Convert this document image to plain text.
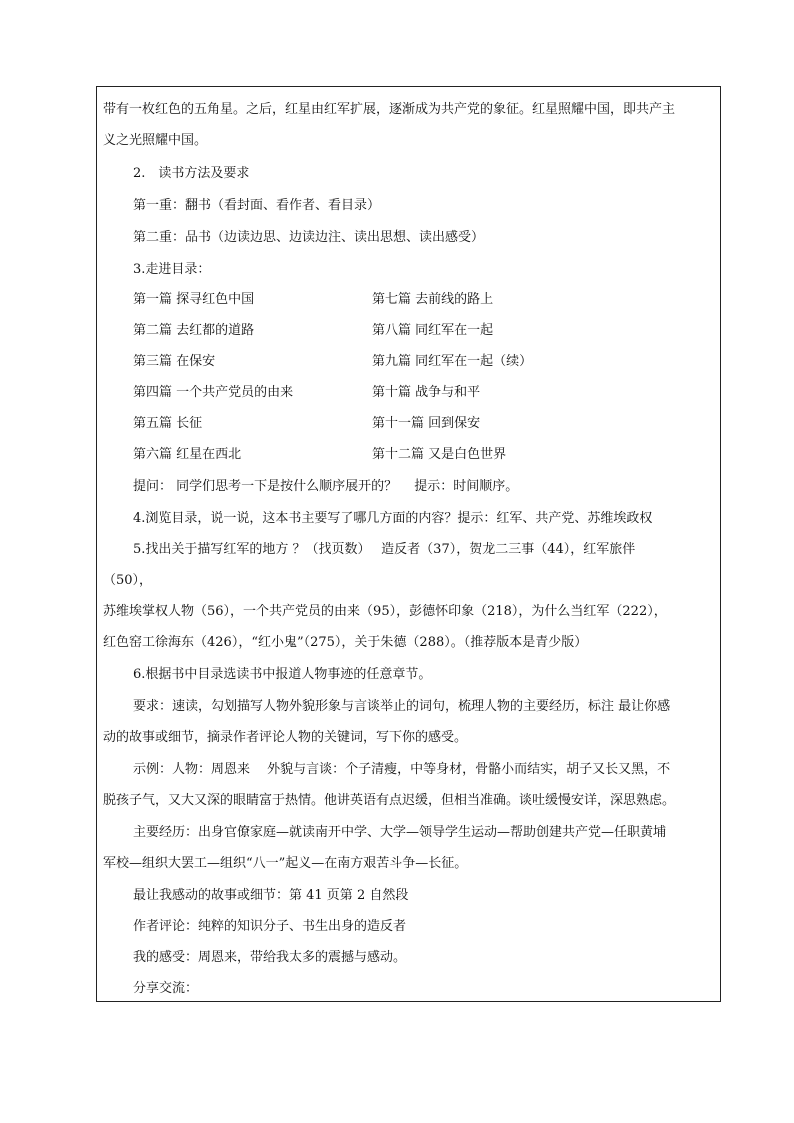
带有一枚红色的五角星。之后，红星由红军扩展，逐渐成为共产党的象征。红星照耀中国，即共产主
义之光照耀中国。
2.　读书方法及要求
第一重：翻书（看封面、看作者、看目录）
第二重：品书（边读边思、边读边注、读出思想、读出感受）
3.走进目录：
第一篇 探寻红色中国	第七篇 去前线的路上
第二篇 去红都的道路	第八篇 同红军在一起
第三篇 在保安	第九篇 同红军在一起（续）
第四篇 一个共产党员的由来	第十篇 战争与和平
第五篇 长征	第十一篇 回到保安
第六篇 红星在西北	第十二篇 又是白色世界
提问： 同学们思考一下是按什么顺序展开的？　 提示：时间顺序。
4.浏览目录，说一说，这本书主要写了哪几方面的内容？提示：红军、共产党、苏维埃政权
5.找出关于描写红军的地方 ？（找页数）　 造反者（37），贺龙二三事（44），红军旅伴
（50），
苏维埃掌权人物（56），一个共产党员的由来（95），彭德怀印象（218），为什么当红军（222），
红色窑工徐海东（426），“红小鬼”（275），关于朱德（288）。（推荐版本是青少版）
6.根据书中目录选读书中报道人物事迹的任意章节。
要求：速读，勾划描写人物外貌形象与言谈举止的词句，梳理人物的主要经历，标注 最让你感
动的故事或细节，摘录作者评论人物的关键词，写下你的感受。
示例：人物：周恩来　 外貌与言谈：个子清瘦，中等身材，骨骼小而结实，胡子又长又黑，不
脱孩子气，又大又深的眼睛富于热情。他讲英语有点迟缓，但相当准确。谈吐缓慢安详，深思熟虑。
主要经历：出身官僚家庭—就读南开中学、大学—领导学生运动—帮助创建共产党—任职黄埔
军校—组织大罢工—组织“八一”起义—在南方艰苦斗争—长征。
最让我感动的故事或细节：第 41 页第 2 自然段
作者评论：纯粹的知识分子、书生出身的造反者
我的感受：周恩来，带给我太多的震撼与感动。
分享交流：
